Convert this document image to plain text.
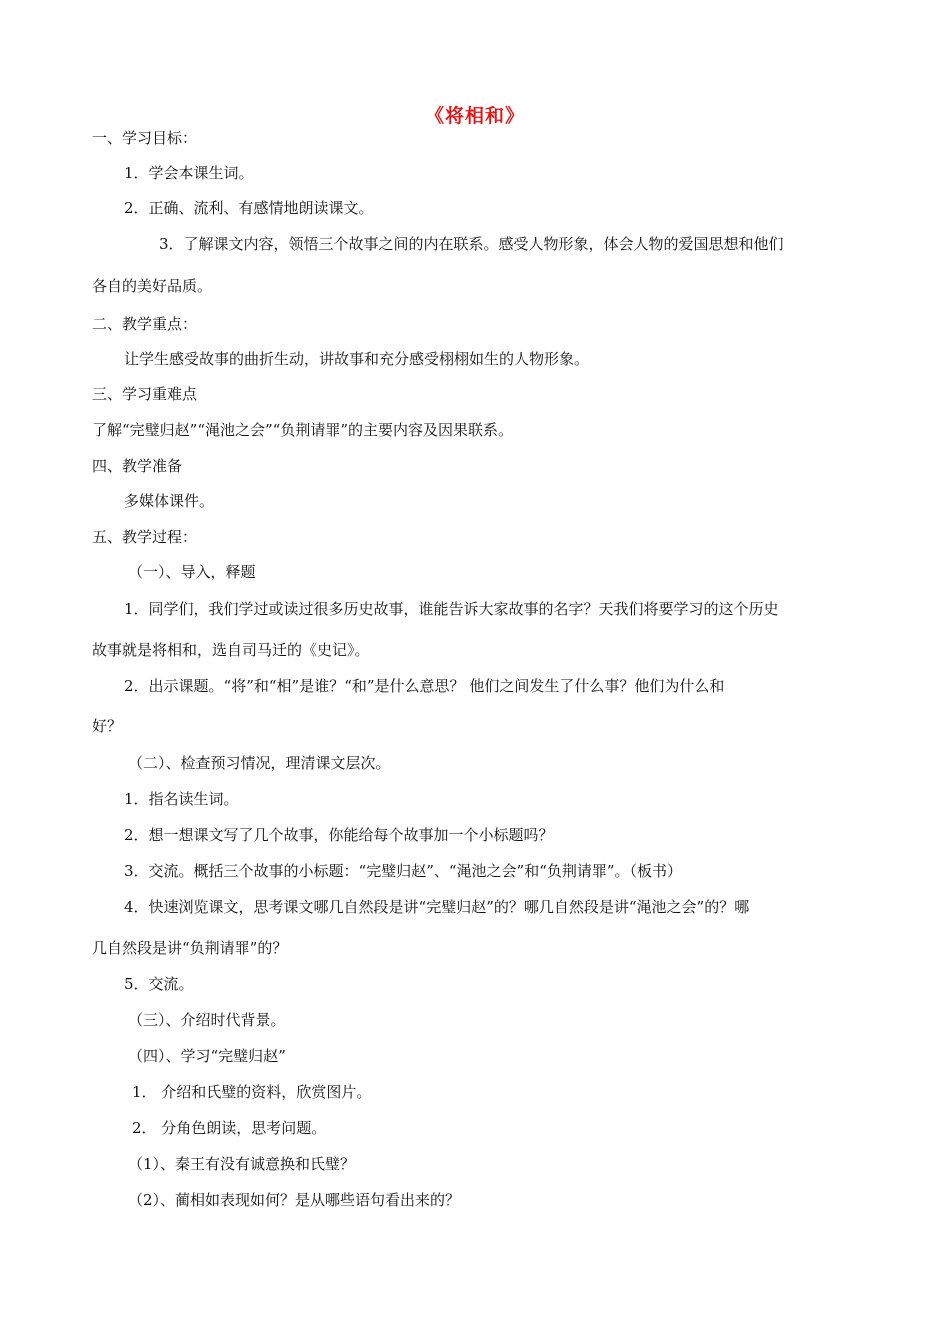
《将相和》
一、学习目标：
1．学会本课生词。
2．正确、流利、有感情地朗读课文。
3．了解课文内容，领悟三个故事之间的内在联系。感受人物形象，体会人物的爱国思想和他们
各自的美好品质。
二、教学重点：
让学生感受故事的曲折生动，讲故事和充分感受栩栩如生的人物形象。
三、学习重难点
了解“完璧归赵”“渑池之会”“负荆请罪”的主要内容及因果联系。
四、教学准备
多媒体课件。
五、教学过程：
（一）、导入，释题
1．同学们，我们学过或读过很多历史故事，谁能告诉大家故事的名字？天我们将要学习的这个历史
故事就是将相和，选自司马迁的《史记》。
2．出示课题。“将”和“相”是谁？“和”是什么意思？ 他们之间发生了什么事？他们为什么和
好？
（二）、检查预习情况，理清课文层次。
1．指名读生词。
2．想一想课文写了几个故事，你能给每个故事加一个小标题吗？
3．交流。概括三个故事的小标题：“完璧归赵”、“渑池之会”和“负荆请罪”。（板书）
4．快速浏览课文，思考课文哪几自然段是讲“完璧归赵”的？哪几自然段是讲“渑池之会”的？哪
几自然段是讲“负荆请罪”的？
5．交流。
（三）、介绍时代背景。
（四）、学习“完璧归赵”
1． 介绍和氏璧的资料，欣赏图片。
2． 分角色朗读，思考问题。
（1）、秦王有没有诚意换和氏璧？
（2）、蔺相如表现如何？是从哪些语句看出来的？
